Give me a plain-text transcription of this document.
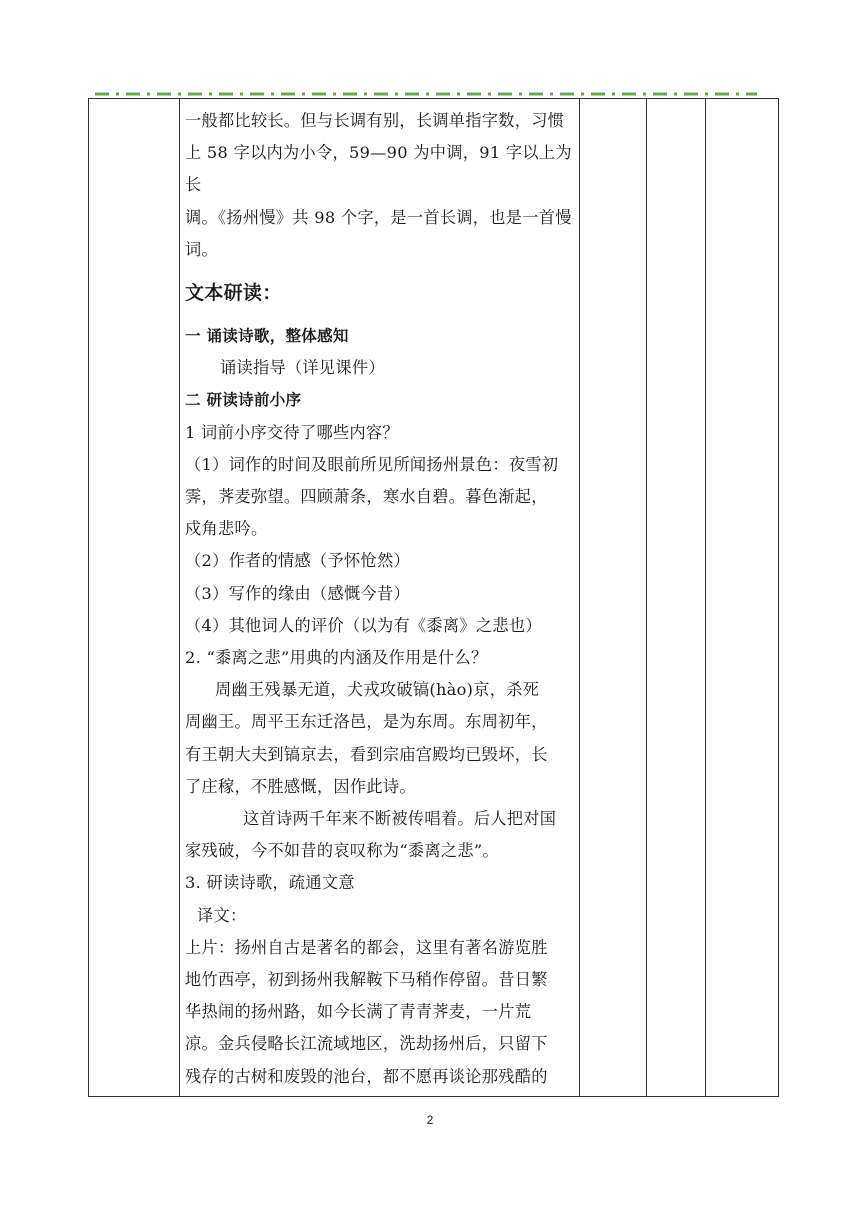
一般都比较长。但与长调有别，长调单指字数，习惯

上 58 字以内为小令，59—90 为中调，91 字以上为长

调。《扬州慢》共 98 个字，是一首长调，也是一首慢

词。

文本研读：

一 诵读诗歌，整体感知

诵读指导（详见课件）

二 研读诗前小序

1 词前小序交待了哪些内容？

（1）词作的时间及眼前所见所闻扬州景色：夜雪初

霁，荠麦弥望。四顾萧条，寒水自碧。暮色渐起，

戍角悲吟。

（2）作者的情感（予怀怆然）

（3）写作的缘由（感慨今昔）

（4）其他词人的评价（以为有《黍离》之悲也）

2. “黍离之悲”用典的内涵及作用是什么？

周幽王残暴无道，犬戎攻破镐(hào)京，杀死

周幽王。周平王东迁洛邑，是为东周。东周初年，

有王朝大夫到镐京去，看到宗庙宫殿均已毁坏，长

了庄稼，不胜感慨，因作此诗。

这首诗两千年来不断被传唱着。后人把对国

家残破，今不如昔的哀叹称为“黍离之悲”。

3. 研读诗歌，疏通文意

译文：

上片：扬州自古是著名的都会，这里有著名游览胜

地竹西亭，初到扬州我解鞍下马稍作停留。昔日繁

华热闹的扬州路，如今长满了青青荠麦，一片荒

凉。金兵侵略长江流域地区，洗劫扬州后，只留下

残存的古树和废毁的池台，都不愿再谈论那残酷的

2
